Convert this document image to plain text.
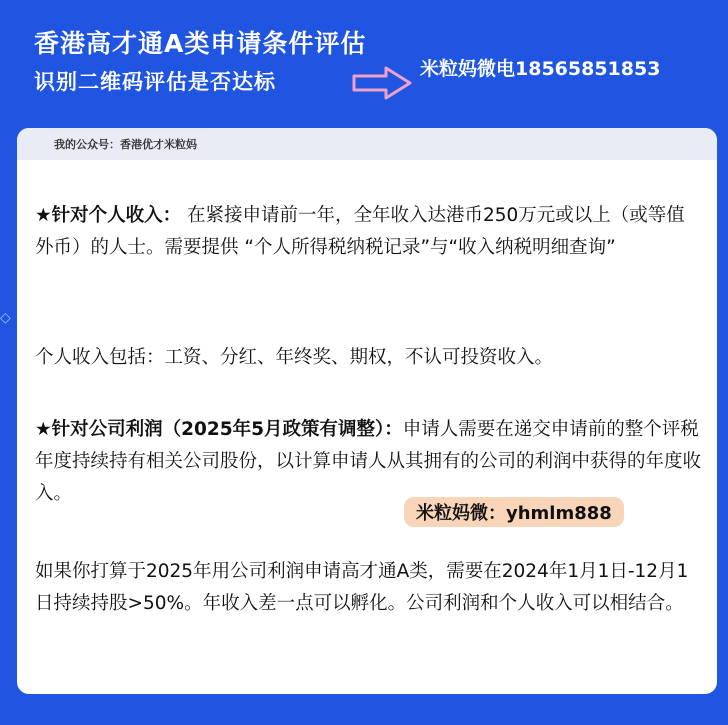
香港高才通A类申请条件评估
识别二维码评估是否达标
米粒妈微电18565851853
◇
我的公众号：香港优才米粒妈
★针对个人收入： 在紧接申请前一年，全年收入达港币250万元或以上（或等值外币）的人士。需要提供 “个人所得税纳税记录”与“收入纳税明细查询”
个人收入包括：工资、分红、年终奖、期权，不认可投资收入。
★针对公司利润（2025年5月政策有调整）：申请人需要在递交申请前的整个评税年度持续持有相关公司股份，以计算申请人从其拥有的公司的利润中获得的年度收入。
米粒妈微：yhmlm888
如果你打算于2025年用公司利润申请高才通A类，需要在2024年1月1日-12月1日持续持股>50%。年收入差一点可以孵化。公司利润和个人收入可以相结合。
